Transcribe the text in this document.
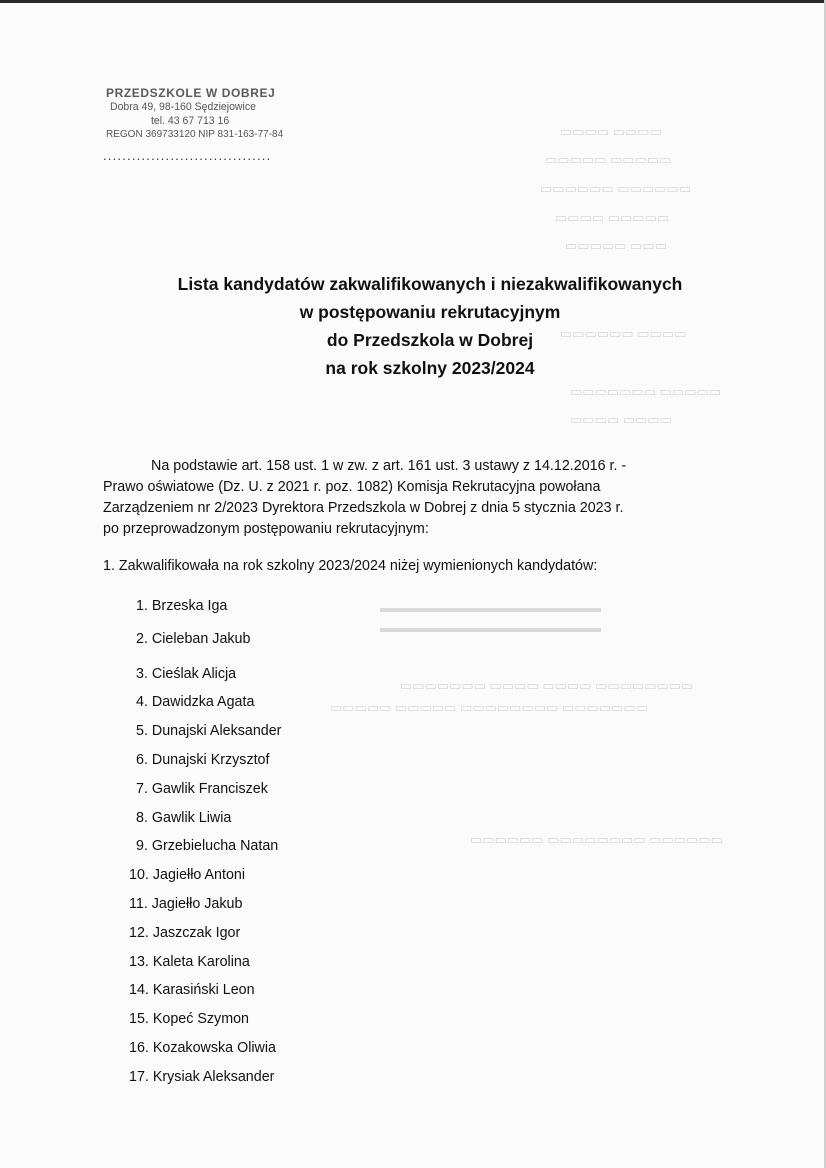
▭▭▭▭ ▭▭▭▭
▭▭▭▭▭ ▭▭▭▭▭
▭▭▭▭▭▭ ▭▭▭▭▭▭
▭▭▭▭ ▭▭▭▭▭
▭▭▭▭▭ ▭▭▭
▭▭▭▭▭▭ ▭▭▭▭
▭▭▭▭▭▭▭ ▭▭▭▭▭
▭▭▭▭ ▭▭▭▭
▬▬▬▬▬▬▬▬▬▬▬▬▬▬▬▬▬
▬▬▬▬▬▬▬▬▬▬▬▬▬▬▬▬▬
▭▭▭▭▭▭▭ ▭▭▭▭ ▭▭▭▭ ▭▭▭▭▭▭▭▭
▭▭▭▭▭ ▭▭▭▭▭ ▭▭▭▭▭▭▭▭ ▭▭▭▭▭▭▭
▭▭▭▭▭▭ ▭▭▭▭▭▭▭▭ ▭▭▭▭▭▭
PRZEDSZKOLE W DOBREJ
Dobra 49, 98-160 Sędziejowice
tel. 43 67 713 16
REGON 369733120 NIP 831-163-77-84
...................................
Lista kandydatów zakwalifikowanych i niezakwalifikowanych
w postępowaniu rekrutacyjnym
do Przedszkola w Dobrej
na rok szkolny 2023/2024
Na podstawie art. 158 ust. 1 w zw. z art. 161 ust. 3 ustawy z 14.12.2016 r. -
Prawo oświatowe (Dz. U. z 2021 r. poz. 1082) Komisja Rekrutacyjna powołana
Zarządzeniem nr 2/2023 Dyrektora Przedszkola w Dobrej z dnia 5 stycznia 2023 r.
po przeprowadzonym postępowaniu rekrutacyjnym:
1. Zakwalifikowała na rok szkolny 2023/2024 niżej wymienionych kandydatów:
1. Brzeska Iga
2. Cieleban Jakub
3. Cieślak Alicja
4. Dawidzka Agata
5. Dunajski Aleksander
6. Dunajski Krzysztof
7. Gawlik Franciszek
8. Gawlik Liwia
9. Grzebielucha Natan
10. Jagiełło Antoni
11. Jagiełło Jakub
12. Jaszczak Igor
13. Kaleta Karolina
14. Karasiński Leon
15. Kopeć Szymon
16. Kozakowska Oliwia
17. Krysiak Aleksander
